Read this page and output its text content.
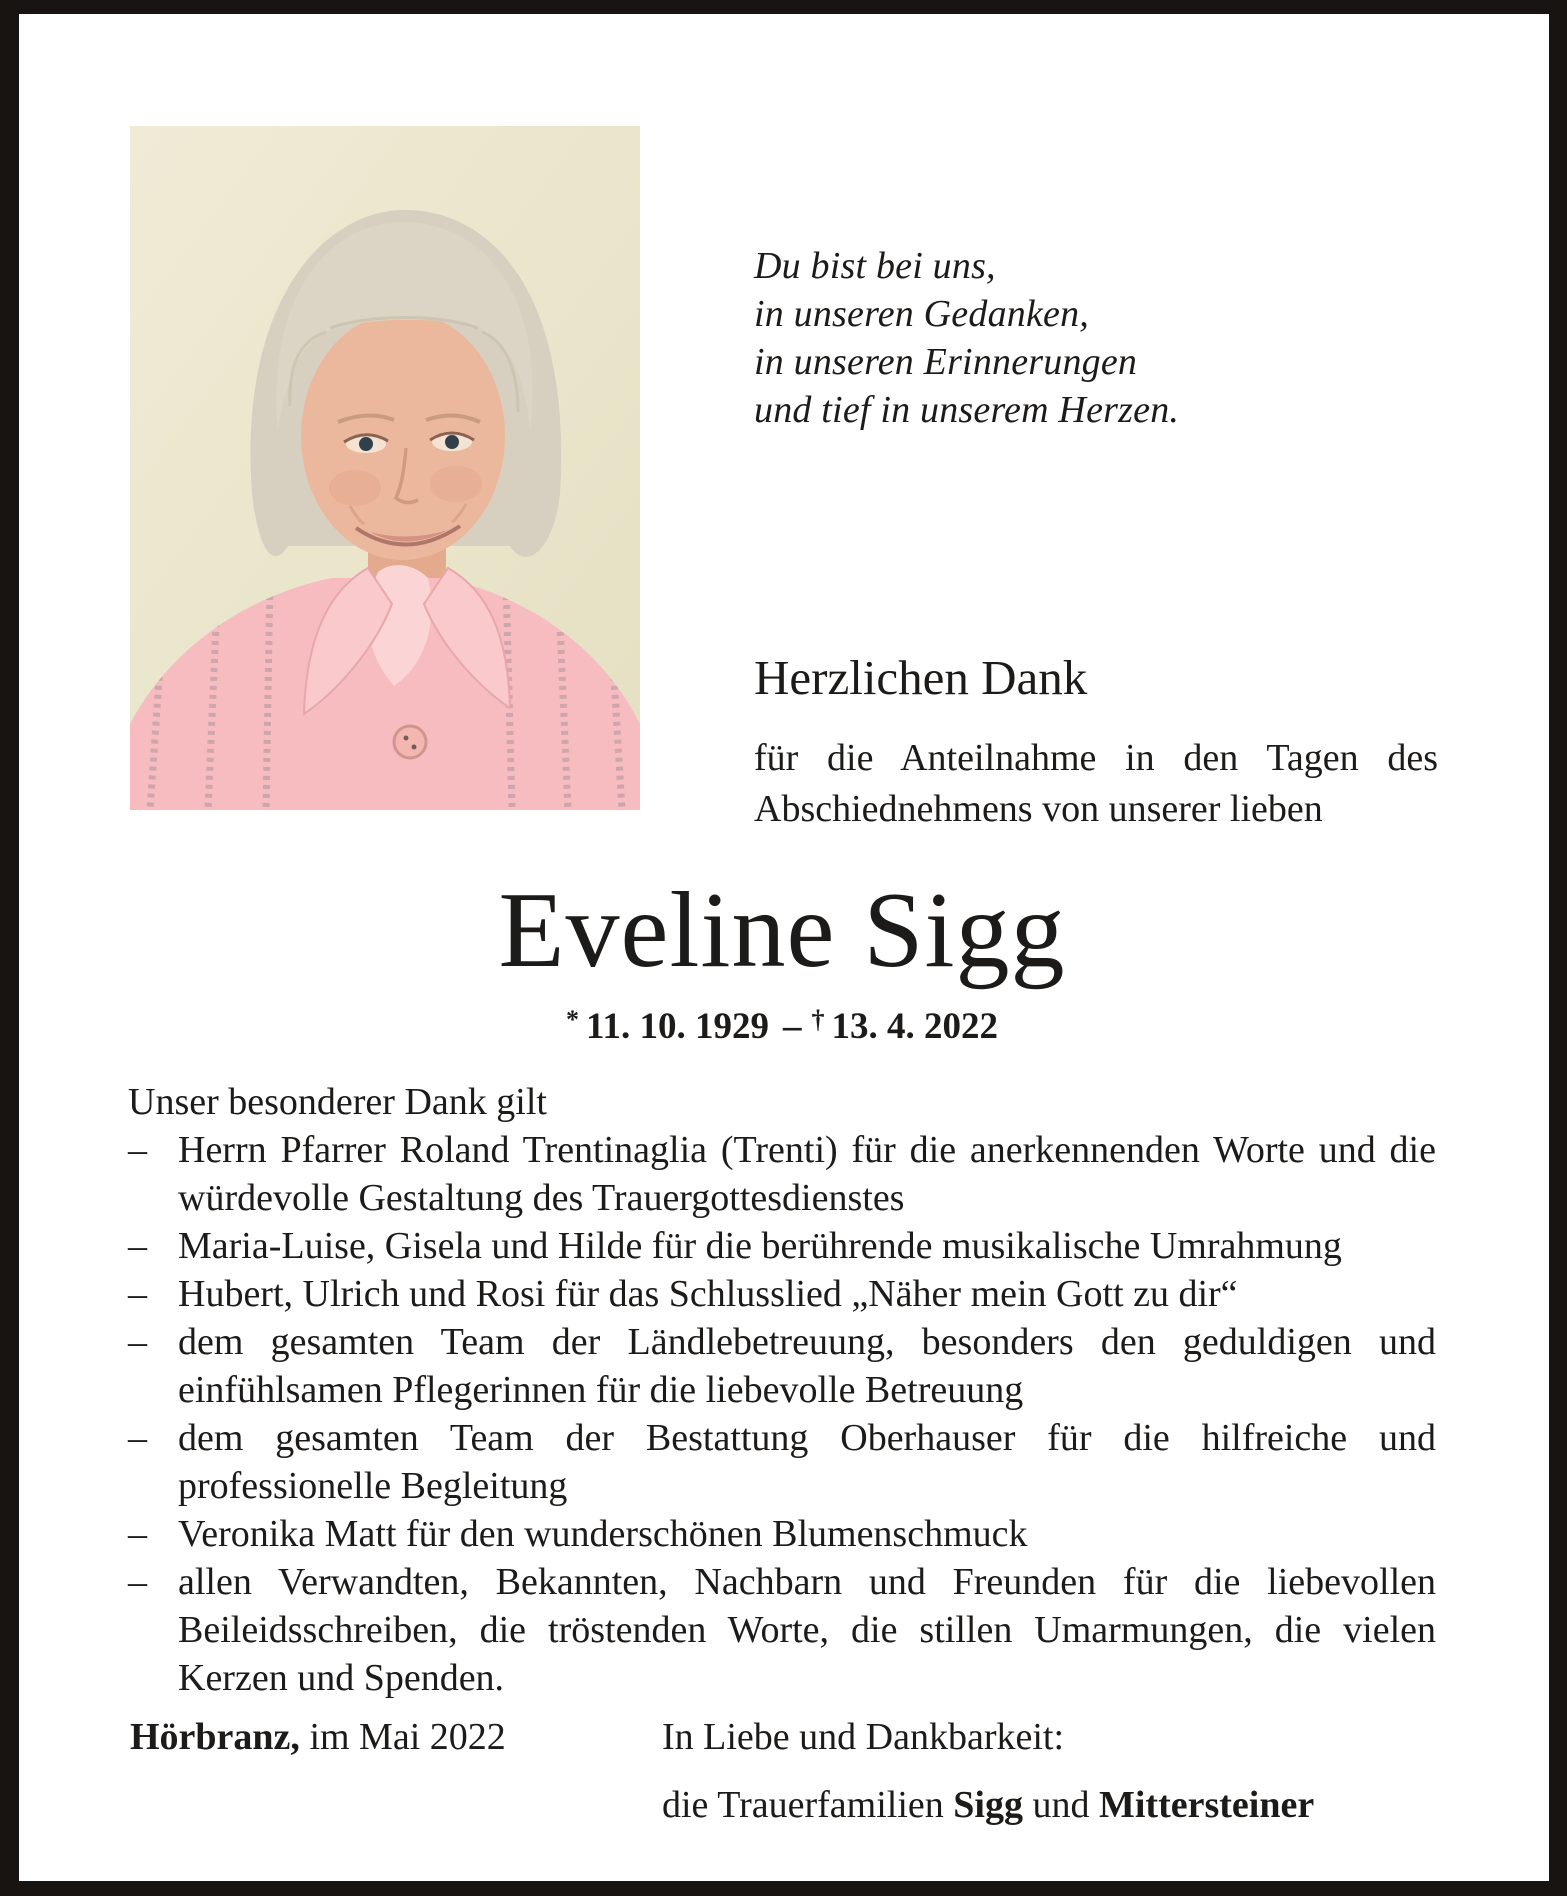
Du bist bei uns,
in unseren Gedanken,
in unseren Erinnerungen
und tief in unserem Herzen.
Herzlichen Dank
für die Anteilnahme in den Tagen des Abschiednehmens von unserer lieben
Eveline Sigg
* 11. 10. 1929 – † 13. 4. 2022

Unser besonderer Dank gilt

– Herrn Pfarrer Roland Trentinaglia (Trenti) für die anerkennenden Worte und die würdevolle Gestaltung des Trauergottesdienstes
– Maria-Luise, Gisela und Hilde für die berührende musikalische Umrahmung
– Hubert, Ulrich und Rosi für das Schlusslied „Näher mein Gott zu dir“
– dem gesamten Team der Ländlebetreuung, besonders den geduldigen und einfühlsamen Pflegerinnen für die liebevolle Betreuung
– dem gesamten Team der Bestattung Oberhauser für die hilfreiche und professionelle Begleitung
– Veronika Matt für den wunderschönen Blumenschmuck
– allen Verwandten, Bekannten, Nachbarn und Freunden für die liebevollen Beileidsschreiben, die tröstenden Worte, die stillen Umarmungen, die vielen Kerzen und Spenden.
Hörbranz, im Mai 2022	In Liebe und Dankbarkeit:
die Trauerfamilien Sigg und Mittersteiner
